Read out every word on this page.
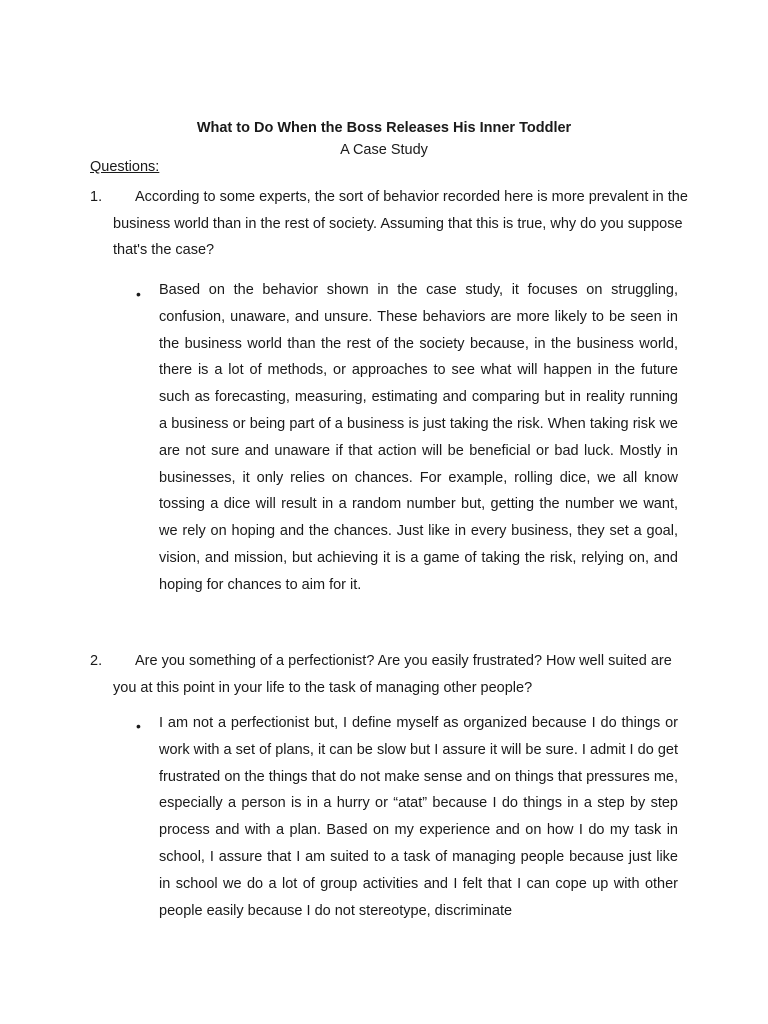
What to Do When the Boss Releases His Inner Toddler
A Case Study
Questions:
1.	According to some experts, the sort of behavior recorded here is more prevalent in the business world than in the rest of society. Assuming that this is true, why do you suppose that's the case?
• Based on the behavior shown in the case study, it focuses on struggling, confusion, unaware, and unsure. These behaviors are more likely to be seen in the business world than the rest of the society because, in the business world, there is a lot of methods, or approaches to see what will happen in the future such as forecasting, measuring, estimating and comparing but in reality running a business or being part of a business is just taking the risk. When taking risk we are not sure and unaware if that action will be beneficial or bad luck. Mostly in businesses, it only relies on chances. For example, rolling dice, we all know tossing a dice will result in a random number but, getting the number we want, we rely on hoping and the chances. Just like in every business, they set a goal, vision, and mission, but achieving it is a game of taking the risk, relying on, and hoping for chances to aim for it.
2.	Are you something of a perfectionist? Are you easily frustrated? How well suited are you at this point in your life to the task of managing other people?
• I am not a perfectionist but, I define myself as organized because I do things or work with a set of plans, it can be slow but I assure it will be sure. I admit I do get frustrated on the things that do not make sense and on things that pressures me, especially a person is in a hurry or “atat” because I do things in a step by step process and with a plan. Based on my experience and on how I do my task in school, I assure that I am suited to a task of managing people because just like in school we do a lot of group activities and I felt that I can cope up with other people easily because I do not stereotype, discriminate
